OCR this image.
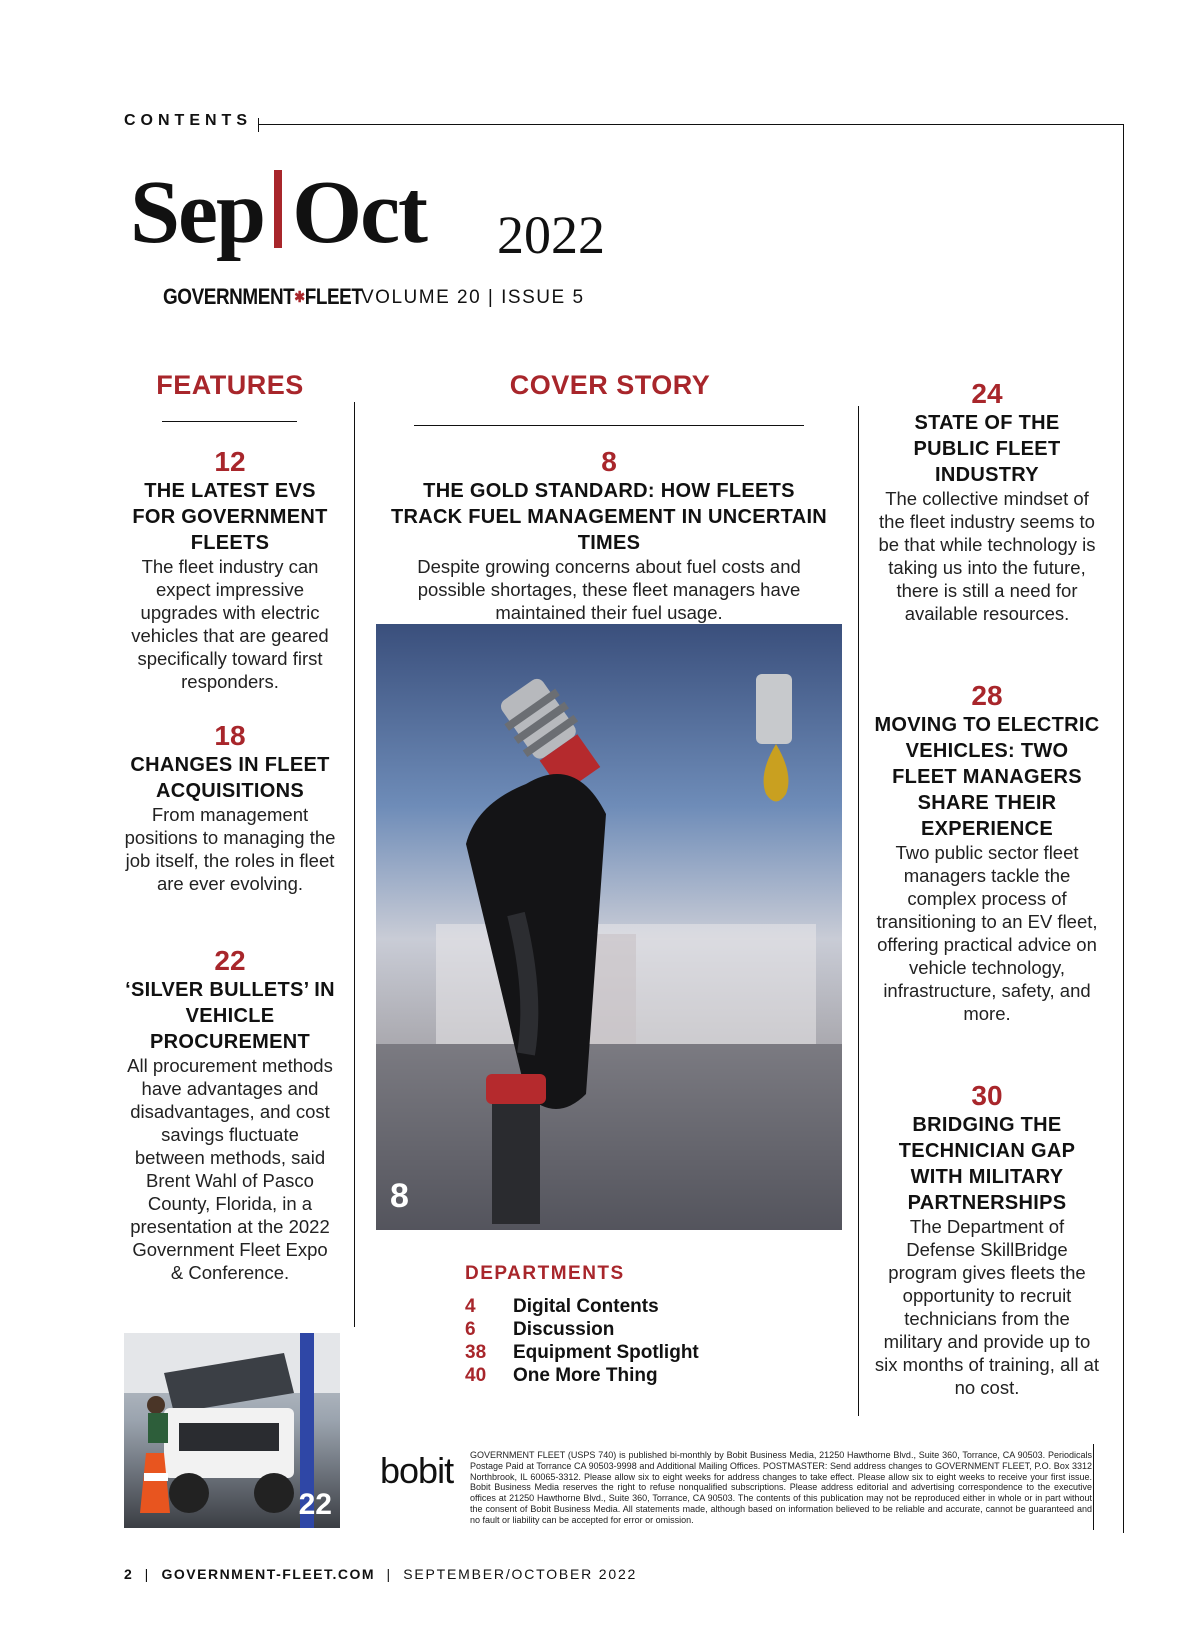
CONTENTS
Sep Oct 2022
GOVERNMENT✱FLEET
VOLUME 20 | ISSUE 5
FEATURES
12
THE LATEST EVS FOR GOVERNMENT FLEETS
The fleet industry can expect impressive upgrades with electric vehicles that are geared specifically toward first responders.
18
CHANGES IN FLEET ACQUISITIONS
From management positions to managing the job itself, the roles in fleet are ever evolving.
22
‘SILVER BULLETS’ IN VEHICLE PROCUREMENT
All procurement methods have advantages and disadvantages, and cost savings fluctuate between methods, said Brent Wahl of Pasco County, Florida, in a presentation at the 2022 Government Fleet Expo & Conference.
22
COVER STORY
8
THE GOLD STANDARD: HOW FLEETS TRACK FUEL MANAGEMENT IN UNCERTAIN TIMES
Despite growing concerns about fuel costs and possible shortages, these fleet managers have maintained their fuel usage.
8
DEPARTMENTS
4 Digital Contents
6 Discussion
38 Equipment Spotlight
40 One More Thing
24
STATE OF THE PUBLIC FLEET INDUSTRY
The collective mindset of the fleet industry seems to be that while technology is taking us into the future, there is still a need for available resources.
28
MOVING TO ELECTRIC VEHICLES: TWO FLEET MANAGERS SHARE THEIR EXPERIENCE
Two public sector fleet managers tackle the complex process of transitioning to an EV fleet, offering practical advice on vehicle technology, infrastructure, safety, and more.
30
BRIDGING THE TECHNICIAN GAP WITH MILITARY PARTNERSHIPS
The Department of Defense SkillBridge program gives fleets the opportunity to recruit technicians from the military and provide up to six months of training, all at no cost.
bobit	GOVERNMENT FLEET (USPS 740) is published bi-monthly by Bobit Business Media, 21250 Hawthorne Blvd., Suite 360, Torrance, CA 90503. Periodicals Postage Paid at Torrance CA 90503-9998 and Additional Mailing Offices. POSTMASTER: Send address changes to GOVERNMENT FLEET, P.O. Box 3312 Northbrook, IL 60065-3312. Please allow six to eight weeks for address changes to take effect. Please allow six to eight weeks to receive your first issue. Bobit Business Media reserves the right to refuse nonqualified subscriptions. Please address editorial and advertising correspondence to the executive offices at 21250 Hawthorne Blvd., Suite 360, Torrance, CA 90503. The contents of this publication may not be reproduced either in whole or in part without the consent of Bobit Business Media. All statements made, although based on information believed to be reliable and accurate, cannot be guaranteed and no fault or liability can be accepted for error or omission.
2  |  GOVERNMENT-FLEET.COM  |  SEPTEMBER/OCTOBER 2022
